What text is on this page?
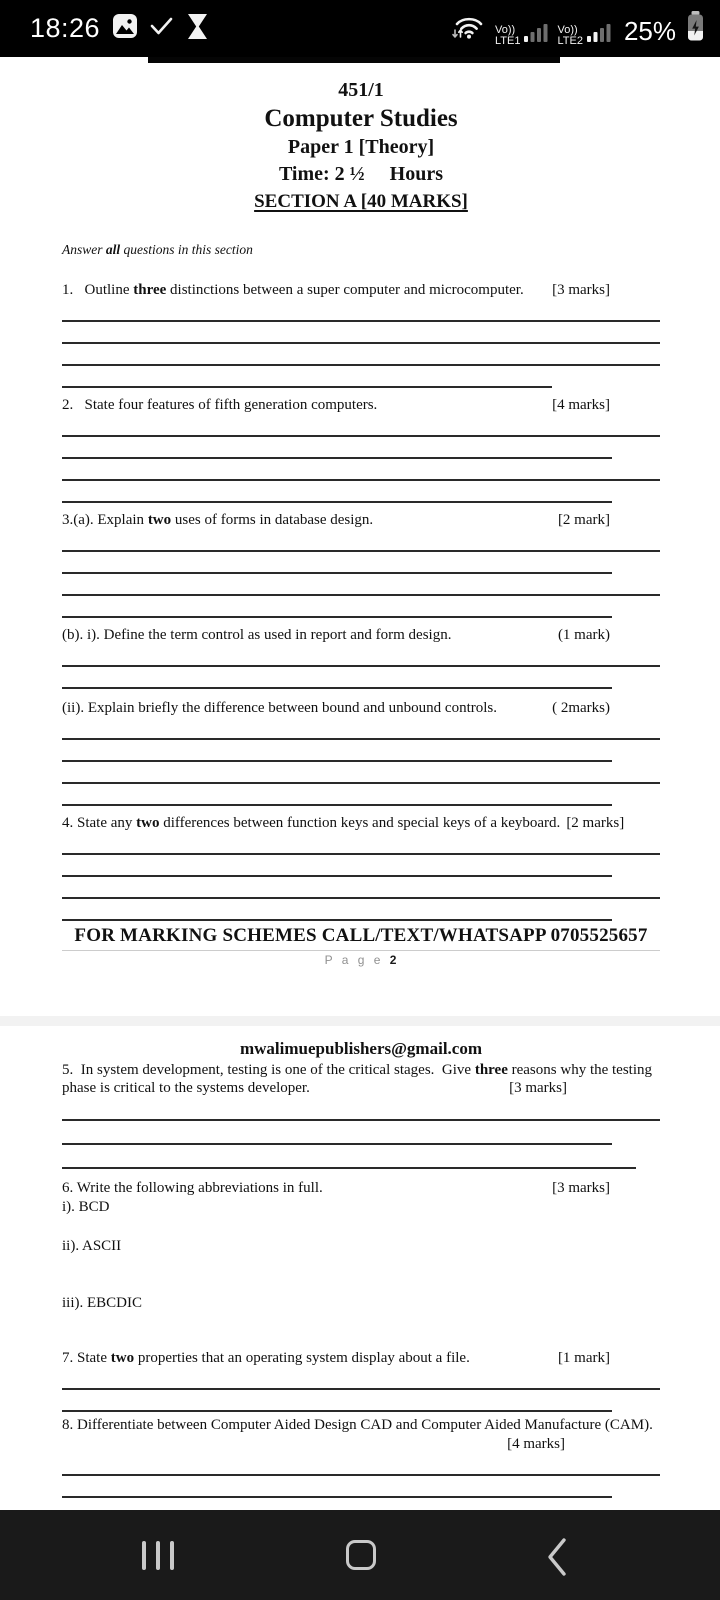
18:26	Vo))
LTE1
Vo))
LTE2 25%
451/1
Computer Studies
Paper 1 [Theory]
Time: 2 ½     Hours
SECTION A [40 MARKS]
Answer all questions in this section
1.   Outline three distinctions between a super computer and microcomputer. [3 marks]
2.   State four features of fifth generation computers.	[4 marks]
3.(a). Explain two uses of forms in database design.	[2 mark]
(b). i). Define the term control as used in report and form design.	(1 mark)
(ii). Explain briefly the difference between bound and unbound controls.	( 2marks)
4. State any two differences between function keys and special keys of a keyboard. [2 marks]
FOR MARKING SCHEMES CALL/TEXT/WHATSAPP 0705525657
P a g e 2
mwalimuepublishers@gmail.com
5.  In system development, testing is one of the critical stages.  Give three reasons why the testing
phase is critical to the systems developer.	[3 marks]
6. Write the following abbreviations in full.	[3 marks]
i). BCD
ii). ASCII
iii). EBCDIC
7. State two properties that an operating system display about a file.	[1 mark]
8. Differentiate between Computer Aided Design CAD and Computer Aided Manufacture (CAM).
[4 marks]
